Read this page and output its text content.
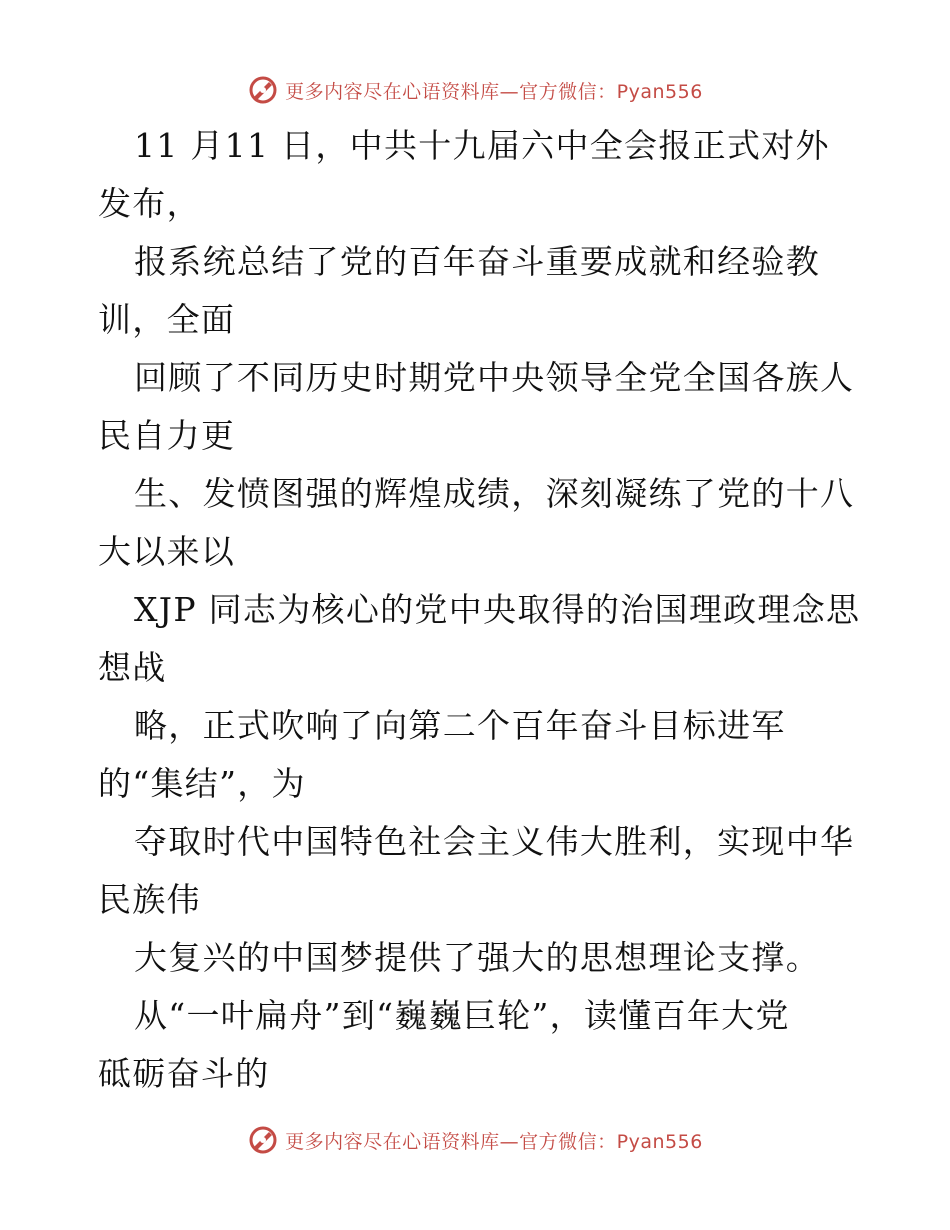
更多内容尽在心语资料库—官方微信：Pyan556
11 月11 日，中共十九届六中全会报正式对外
发布，
报系统总结了党的百年奋斗重要成就和经验教
训，全面
回顾了不同历史时期党中央领导全党全国各族人
民自力更
生、发愤图强的辉煌成绩，深刻凝练了党的十八
大以来以
XJP 同志为核心的党中央取得的治国理政理念思
想战
略，正式吹响了向第二个百年奋斗目标进军
的“集结”，为
夺取时代中国特色社会主义伟大胜利，实现中华
民族伟
大复兴的中国梦提供了强大的思想理论支撑。
从“一叶扁舟”到“巍巍巨轮”，读懂百年大党
砥砺奋斗的
更多内容尽在心语资料库—官方微信：Pyan556
